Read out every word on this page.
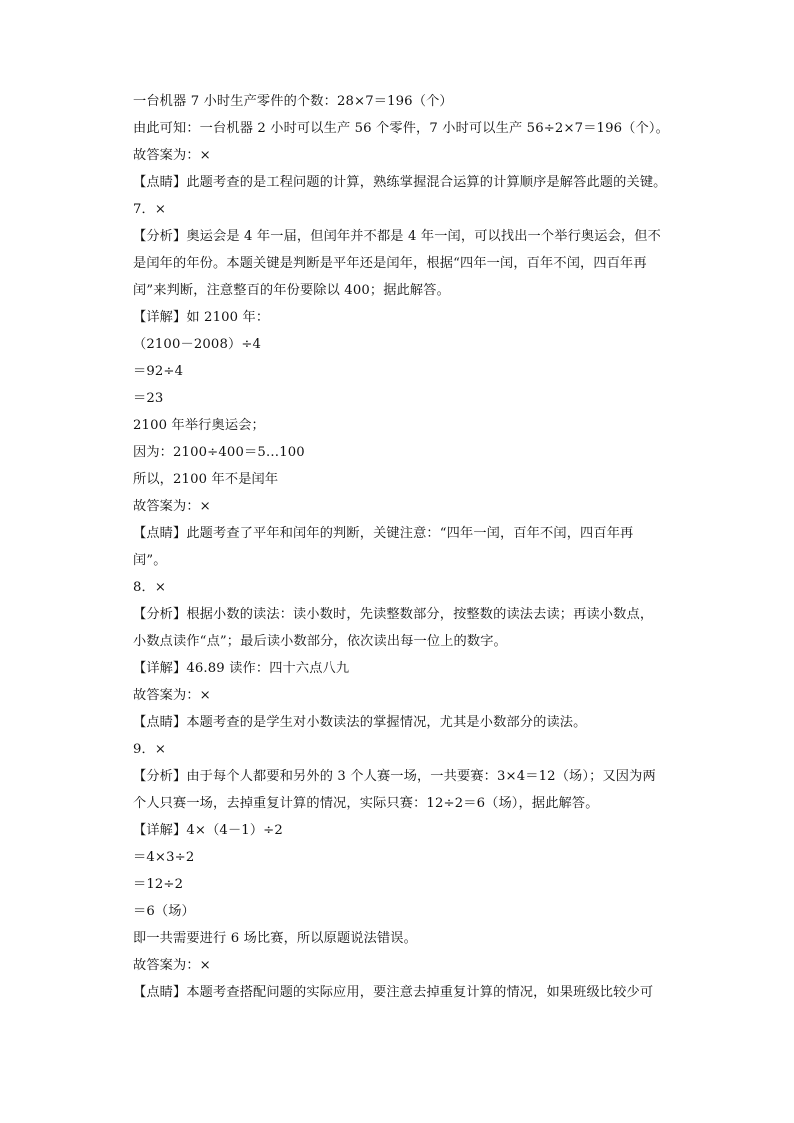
一台机器 7 小时生产零件的个数：28×7＝196（个）
由此可知：一台机器 2 小时可以生产 56 个零件，7 小时可以生产 56÷2×7＝196（个）。
故答案为：×
【点睛】此题考查的是工程问题的计算，熟练掌握混合运算的计算顺序是解答此题的关键。
7．×
【分析】奥运会是 4 年一届，但闰年并不都是 4 年一闰，可以找出一个举行奥运会，但不
是闰年的年份。本题关键是判断是平年还是闰年，根据“四年一闰，百年不闰，四百年再
闰”来判断，注意整百的年份要除以 400；据此解答。
【详解】如 2100 年：
（2100－2008）÷4
＝92÷4
＝23
2100 年举行奥运会；
因为：2100÷400＝5…100
所以，2100 年不是闰年
故答案为：×
【点睛】此题考查了平年和闰年的判断，关键注意：“四年一闰，百年不闰，四百年再
闰”。
8．×
【分析】根据小数的读法：读小数时，先读整数部分，按整数的读法去读；再读小数点，
小数点读作“点”；最后读小数部分，依次读出每一位上的数字。
【详解】46.89 读作：四十六点八九
故答案为：×
【点睛】本题考查的是学生对小数读法的掌握情况，尤其是小数部分的读法。
9．×
【分析】由于每个人都要和另外的 3 个人赛一场，一共要赛：3×4＝12（场）；又因为两
个人只赛一场，去掉重复计算的情况，实际只赛：12÷2＝6（场），据此解答。
【详解】4×（4－1）÷2
＝4×3÷2
＝12÷2
＝6（场）
即一共需要进行 6 场比赛，所以原题说法错误。
故答案为：×
【点睛】本题考查搭配问题的实际应用，要注意去掉重复计算的情况，如果班级比较少可
